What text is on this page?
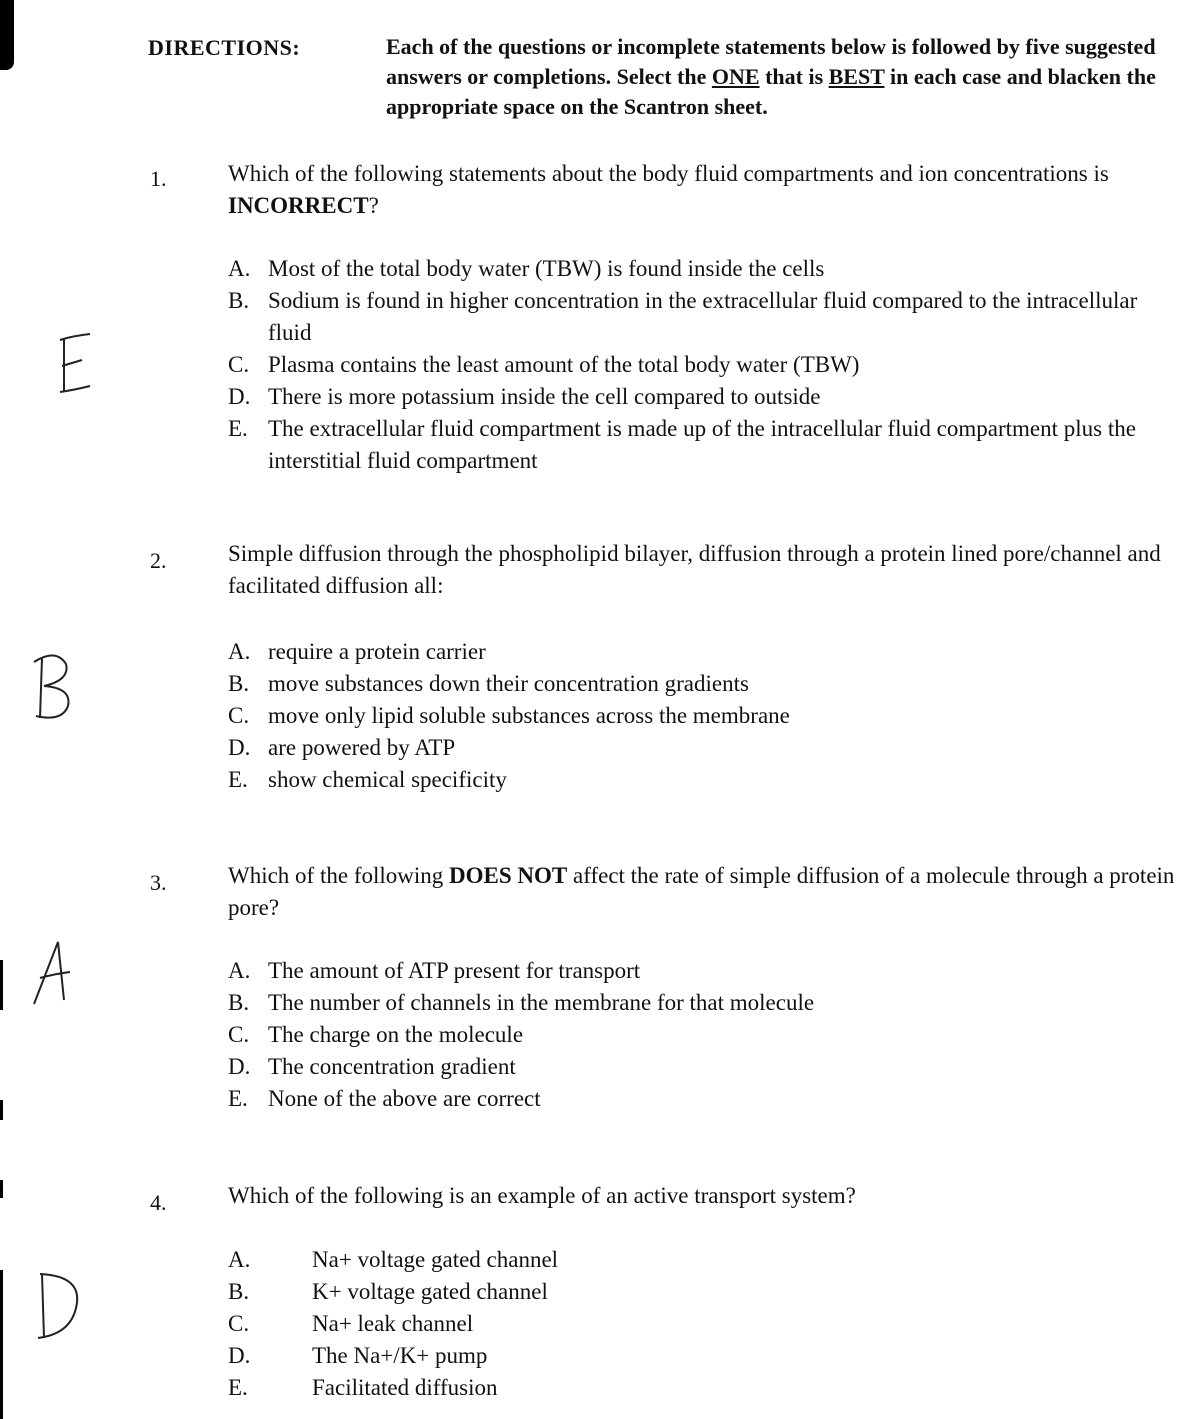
DIRECTIONS:	Each of the questions or incomplete statements below is followed by five suggested answers or completions. Select the ONE that is BEST in each case and blacken the appropriate space on the Scantron sheet.
1.	Which of the following statements about the body fluid compartments and ion concentrations is INCORRECT?
A. Most of the total body water (TBW) is found inside the cells
B. Sodium is found in higher concentration in the extracellular fluid compared to the intracellular fluid
C. Plasma contains the least amount of the total body water (TBW)
D. There is more potassium inside the cell compared to outside
E. The extracellular fluid compartment is made up of the intracellular fluid compartment plus the interstitial fluid compartment
2.	Simple diffusion through the phospholipid bilayer, diffusion through a protein lined pore/channel and facilitated diffusion all:
A. require a protein carrier
B. move substances down their concentration gradients
C. move only lipid soluble substances across the membrane
D. are powered by ATP
E. show chemical specificity
3.	Which of the following DOES NOT affect the rate of simple diffusion of a molecule through a protein pore?
A. The amount of ATP present for transport
B. The number of channels in the membrane for that molecule
C. The charge on the molecule
D. The concentration gradient
E. None of the above are correct
4.	Which of the following is an example of an active transport system?
A.	Na+ voltage gated channel
B.	K+ voltage gated channel
C.	Na+ leak channel
D.	The Na+/K+ pump
E.	Facilitated diffusion
